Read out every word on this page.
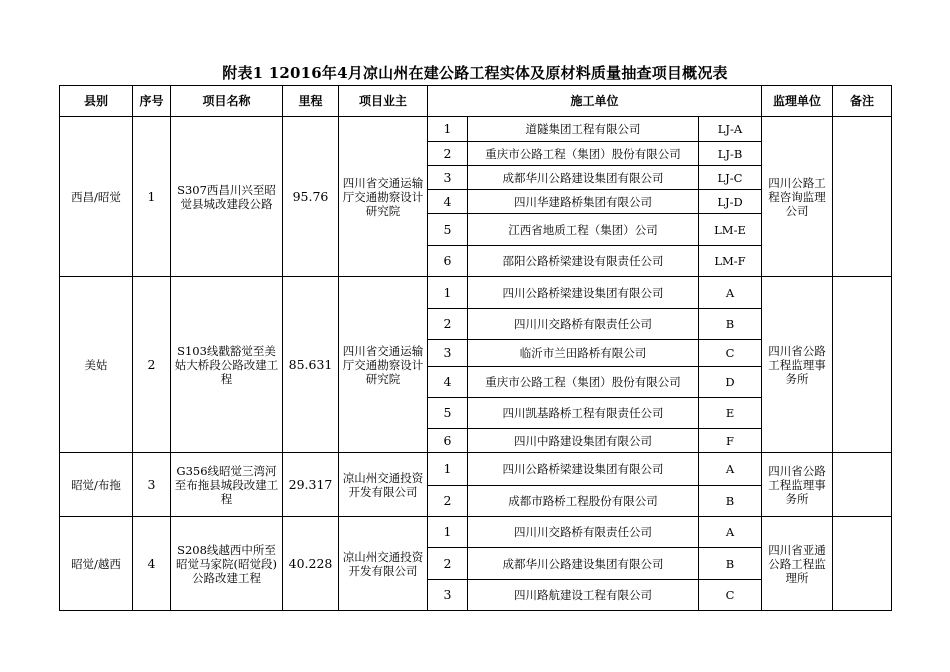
附表1 12016年4月凉山州在建公路工程实体及原材料质量抽查项目概况表
县别	序号	项目名称	里程	项目业主	施工单位			监理单位	备注
西昌/昭觉	1	S307西昌川兴至昭觉县城改建段公路	95.76	四川省交通运输厅交通勘察设计研究院	1	道隧集团工程有限公司	LJ-A	四川公路工程咨询监理公司	
					2	重庆市公路工程（集团）股份有限公司	LJ-B		
					3	成都华川公路建设集团有限公司	LJ-C		
					4	四川华建路桥集团有限公司	LJ-D		
					5	江西省地质工程（集团）公司	LM-E		
					6	邵阳公路桥梁建设有限责任公司	LM-F		
美姑	2	S103线戳豁觉至美姑大桥段公路改建工程	85.631	四川省交通运输厅交通勘察设计研究院	1	四川公路桥梁建设集团有限公司	A	四川省公路工程监理事务所	
					2	四川川交路桥有限责任公司	B		
					3	临沂市兰田路桥有限公司	C		
					4	重庆市公路工程（集团）股份有限公司	D		
					5	四川凯基路桥工程有限责任公司	E		
					6	四川中路建设集团有限公司	F		
昭觉/布拖	3	G356线昭觉三湾河至布拖县城段改建工程	29.317	凉山州交通投资开发有限公司	1	四川公路桥梁建设集团有限公司	A	四川省公路工程监理事务所	
					2	成都市路桥工程股份有限公司	B		
昭觉/越西	4	S208线越西中所至昭觉马家院(昭觉段)公路改建工程	40.228	凉山州交通投资开发有限公司	1	四川川交路桥有限责任公司	A	四川省亚通公路工程监理所	
					2	成都华川公路建设集团有限公司	B		
					3	四川路航建设工程有限公司	C		
